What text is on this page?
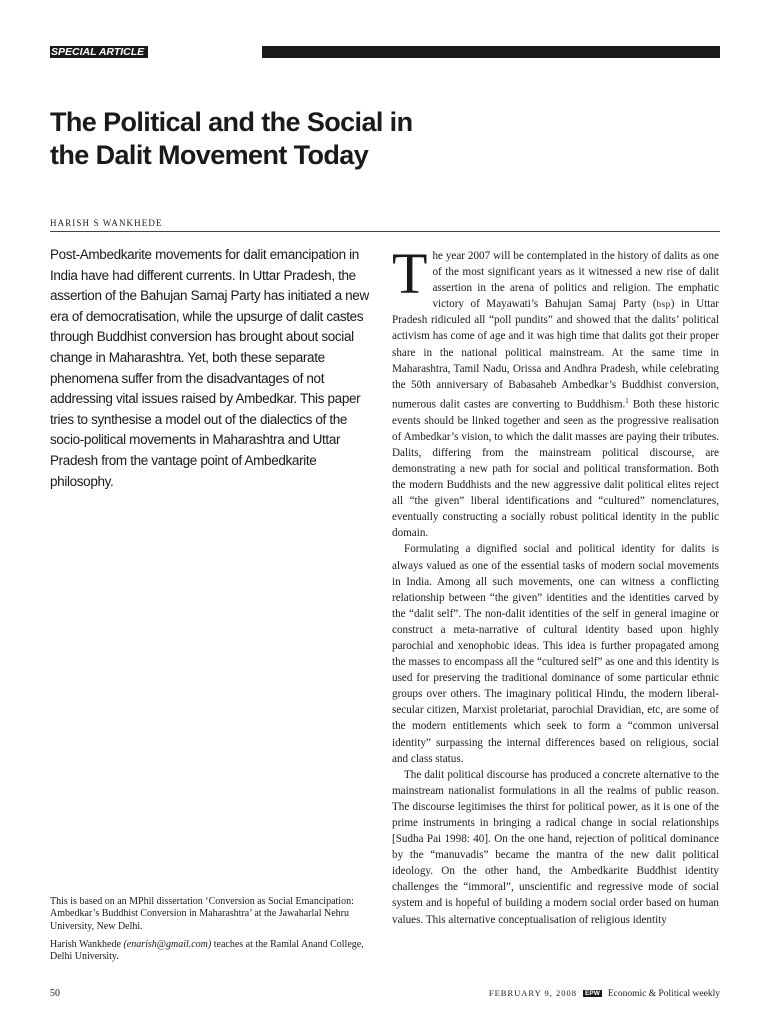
SPECIAL ARTICLE
The Political and the Social in
the Dalit Movement Today
HARISH S WANKHEDE

Post-Ambedkarite movements for dalit emancipation in India have had different currents. In Uttar Pradesh, the assertion of the Bahujan Samaj Party has initiated a new era of democratisation, while the upsurge of dalit castes through Buddhist conversion has brought about social change in Maharashtra. Yet, both these separate phenomena suffer from the disadvantages of not addressing vital issues raised by Ambedkar. This paper tries to synthesise a model out of the dialectics of the socio-political movements in Maharashtra and Uttar Pradesh from the vantage point of Ambedkarite philosophy.

This is based on an MPhil dissertation ‘Conversion as Social Emancipation: Ambedkar’s Buddhist Conversion in Maharashtra’ at the Jawaharlal Nehru University, New Delhi.

Harish Wankhede (enarish@gmail.com) teaches at the Ramlal Anand College, Delhi University.

The year 2007 will be contemplated in the history of dalits as one of the most significant years as it witnessed a new rise of dalit assertion in the arena of politics and religion. The emphatic victory of Mayawati’s Bahujan Samaj Party (bsp) in Uttar Pradesh ridiculed all “poll pundits” and showed that the dalits’ political activism has come of age and it was high time that dalits got their proper share in the national political mainstream. At the same time in Maharashtra, Tamil Nadu, Orissa and Andhra Pradesh, while celebrating the 50th anniversary of Babasaheb Ambedkar’s Buddhist conversion, numerous dalit castes are converting to Buddhism.$^1$ Both these historic events should be linked together and seen as the progressive realisation of Ambedkar’s vision, to which the dalit masses are paying their tributes. Dalits, differing from the mainstream political discourse, are demonstrating a new path for social and political transformation. Both the modern Buddhists and the new aggressive dalit political elites reject all “the given” liberal identifications and “cultured” nomenclatures, eventually constructing a socially robust political identity in the public domain.

Formulating a dignified social and political identity for dalits is always valued as one of the essential tasks of modern social movements in India. Among all such movements, one can witness a conflicting relationship between “the given” identities and the identities carved by the “dalit self”. The non-dalit identities of the self in general imagine or construct a meta-narrative of cultural identity based upon highly parochial and xenophobic ideas. This idea is further propagated among the masses to encompass all the “cultured self” as one and this identity is used for preserving the traditional dominance of some particular ethnic groups over others. The imaginary political Hindu, the modern liberal-secular citizen, Marxist proletariat, parochial Dravidian, etc, are some of the modern entitlements which seek to form a “common universal identity” surpassing the internal differences based on religious, social and class status.

The dalit political discourse has produced a concrete alternative to the mainstream nationalist formulations in all the realms of public reason. The discourse legitimises the thirst for political power, as it is one of the prime instruments in bringing a radical change in social relationships [Sudha Pai 1998: 40]. On the one hand, rejection of political dominance by the “manuvadis” became the mantra of the new dalit political ideology. On the other hand, the Ambedkarite Buddhist identity challenges the “immoral”, unscientific and regressive mode of social system and is hopeful of building a modern social order based on human values. This alternative conceptualisation of religious identity

50	FEBRUARY 9, 2008 EPW Economic & Political weekly
